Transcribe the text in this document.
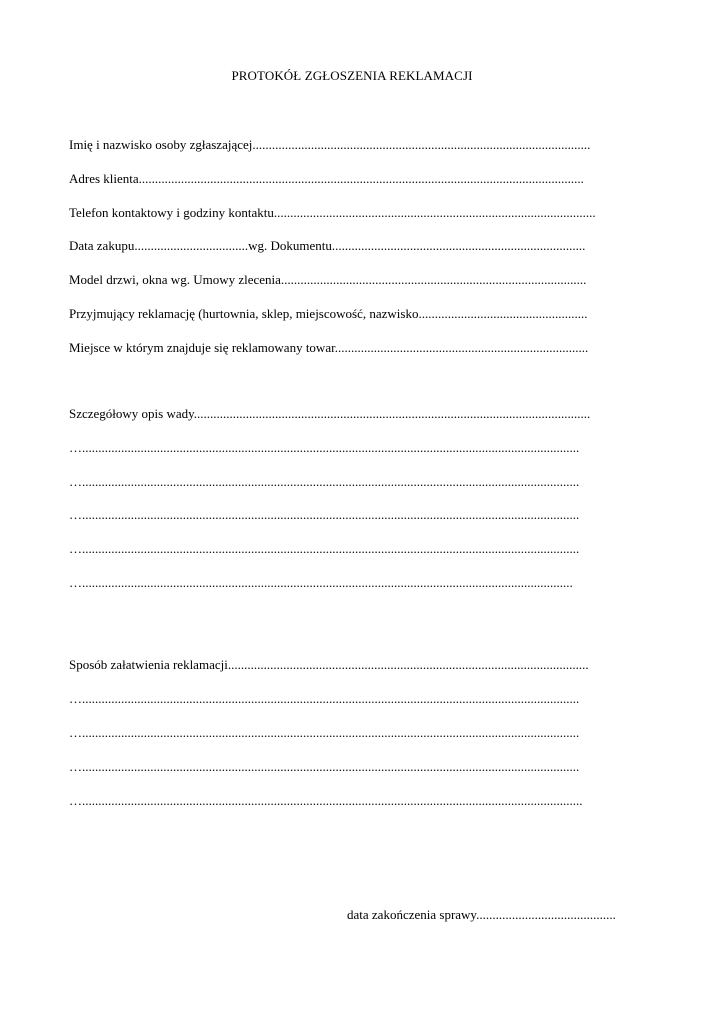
PROTOKÓŁ ZGŁOSZENIA REKLAMACJI
Imię i nazwisko osoby zgłaszającej........................................................................................................
Adres klienta.........................................................................................................................................
Telefon kontaktowy i godziny kontaktu...................................................................................................
Data zakupu...................................wg. Dokumentu..............................................................................
Model drzwi, okna wg. Umowy zlecenia..............................................................................................
Przyjmujący reklamację (hurtownia, sklep, miejscowość, nazwisko....................................................
Miejsce w którym znajduje się reklamowany towar..............................................................................
Szczegółowy opis wady..........................................................................................................................
….........................................................................................................................................................
….........................................................................................................................................................
….........................................................................................................................................................
….........................................................................................................................................................
….......................................................................................................................................................
Sposób załatwienia reklamacji...............................................................................................................
….........................................................................................................................................................
….........................................................................................................................................................
….........................................................................................................................................................
…..........................................................................................................................................................
data zakończenia sprawy...........................................
